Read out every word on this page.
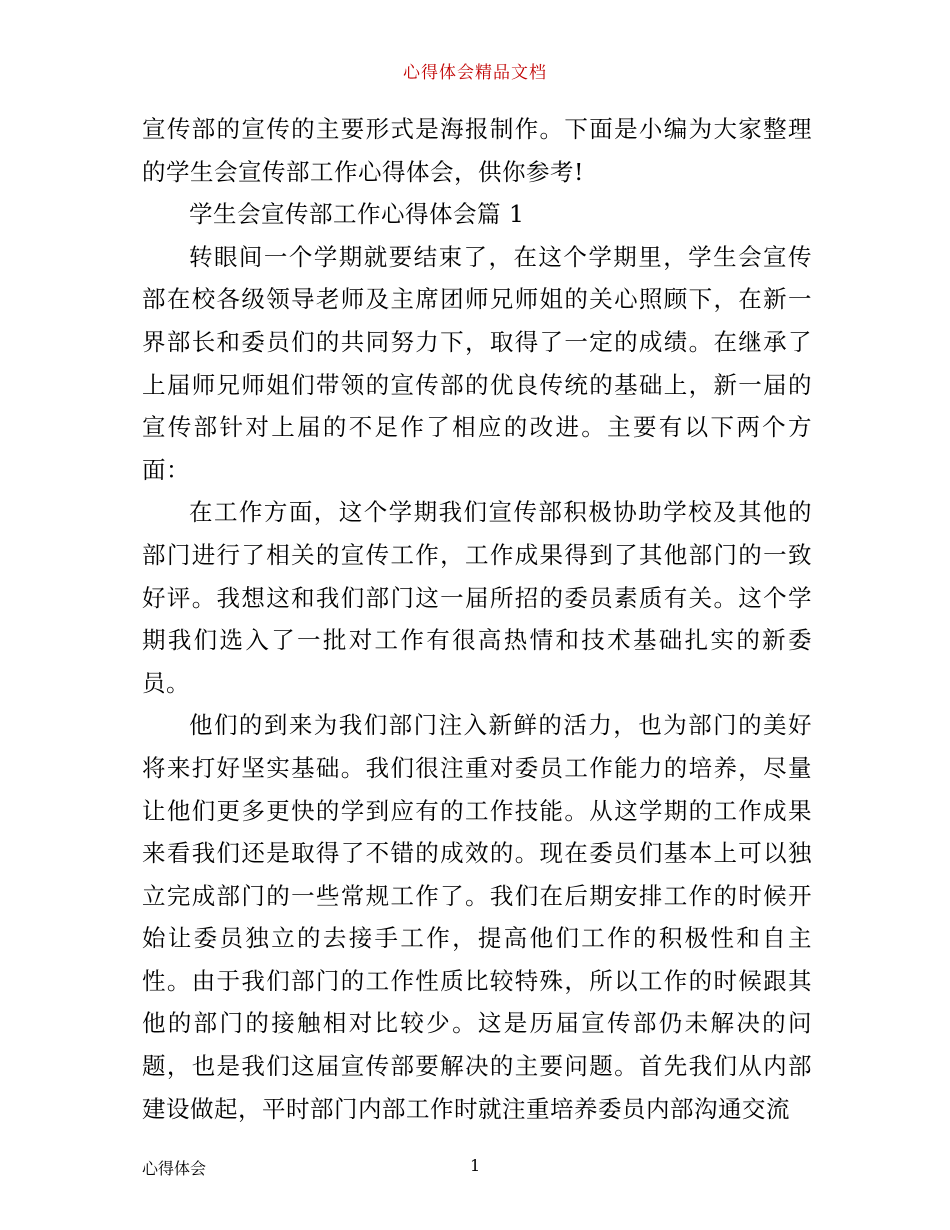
心得体会精品文档

宣传部的宣传的主要形式是海报制作。下面是小编为大家整理的学生会宣传部工作心得体会，供你参考!

学生会宣传部工作心得体会篇 1

转眼间一个学期就要结束了，在这个学期里，学生会宣传部在校各级领导老师及主席团师兄师姐的关心照顾下，在新一界部长和委员们的共同努力下，取得了一定的成绩。在继承了上届师兄师姐们带领的宣传部的优良传统的基础上，新一届的宣传部针对上届的不足作了相应的改进。主要有以下两个方面：

在工作方面，这个学期我们宣传部积极协助学校及其他的部门进行了相关的宣传工作，工作成果得到了其他部门的一致好评。我想这和我们部门这一届所招的委员素质有关。这个学期我们选入了一批对工作有很高热情和技术基础扎实的新委员。

他们的到来为我们部门注入新鲜的活力，也为部门的美好将来打好坚实基础。我们很注重对委员工作能力的培养，尽量让他们更多更快的学到应有的工作技能。从这学期的工作成果来看我们还是取得了不错的成效的。现在委员们基本上可以独立完成部门的一些常规工作了。我们在后期安排工作的时候开始让委员独立的去接手工作，提高他们工作的积极性和自主性。由于我们部门的工作性质比较特殊，所以工作的时候跟其他的部门的接触相对比较少。这是历届宣传部仍未解决的问题，也是我们这届宣传部要解决的主要问题。首先我们从内部建设做起，平时部门内部工作时就注重培养委员内部沟通交流

心得体会	1
